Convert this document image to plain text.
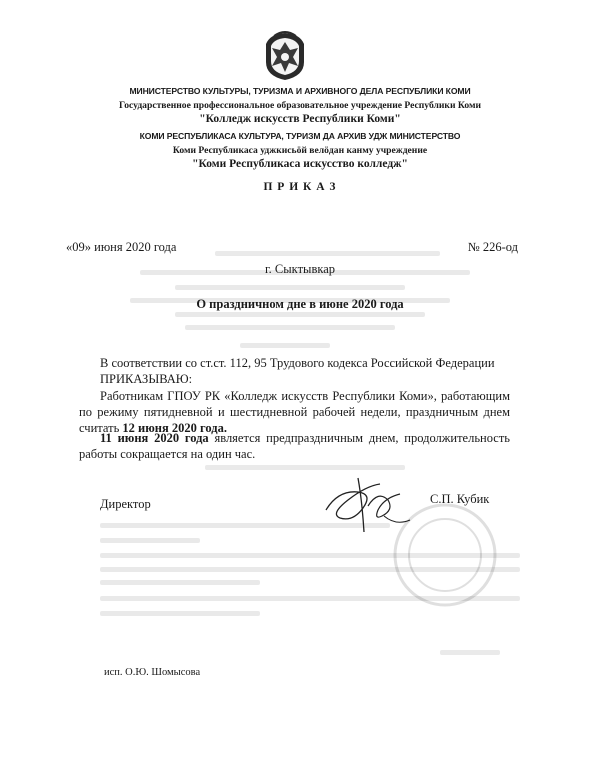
МИНИСТЕРСТВО КУЛЬТУРЫ, ТУРИЗМА И АРХИВНОГО ДЕЛА РЕСПУБЛИКИ КОМИ
Государственное профессиональное образовательное учреждение Республики Коми
"Колледж искусств Республики Коми"
КОМИ РЕСПУБЛИКАСА КУЛЬТУРА, ТУРИЗМ ДА АРХИВ УДЖ МИНИСТЕРСТВО
Коми Республикаса уджкисьӧй велӧдан канму учреждение
"Коми Республикаса искусство колледж"
П Р И К А З
«09» июня 2020 года	№ 226-од
г. Сыктывкар
О праздничном дне в июне 2020 года
В соответствии со ст.ст. 112, 95 Трудового кодекса Российской Федерации
ПРИКАЗЫВАЮ:
Работникам ГПОУ РК «Колледж искусств Республики Коми», работающим
по режиму пятидневной и шестидневной рабочей недели, праздничным днем
считать 12 июня 2020 года.
11 июня 2020 года является предпраздничным днем, продолжительность
работы сокращается на один час.
Директор	С.П. Кубик
исп. О.Ю. Шомысова
